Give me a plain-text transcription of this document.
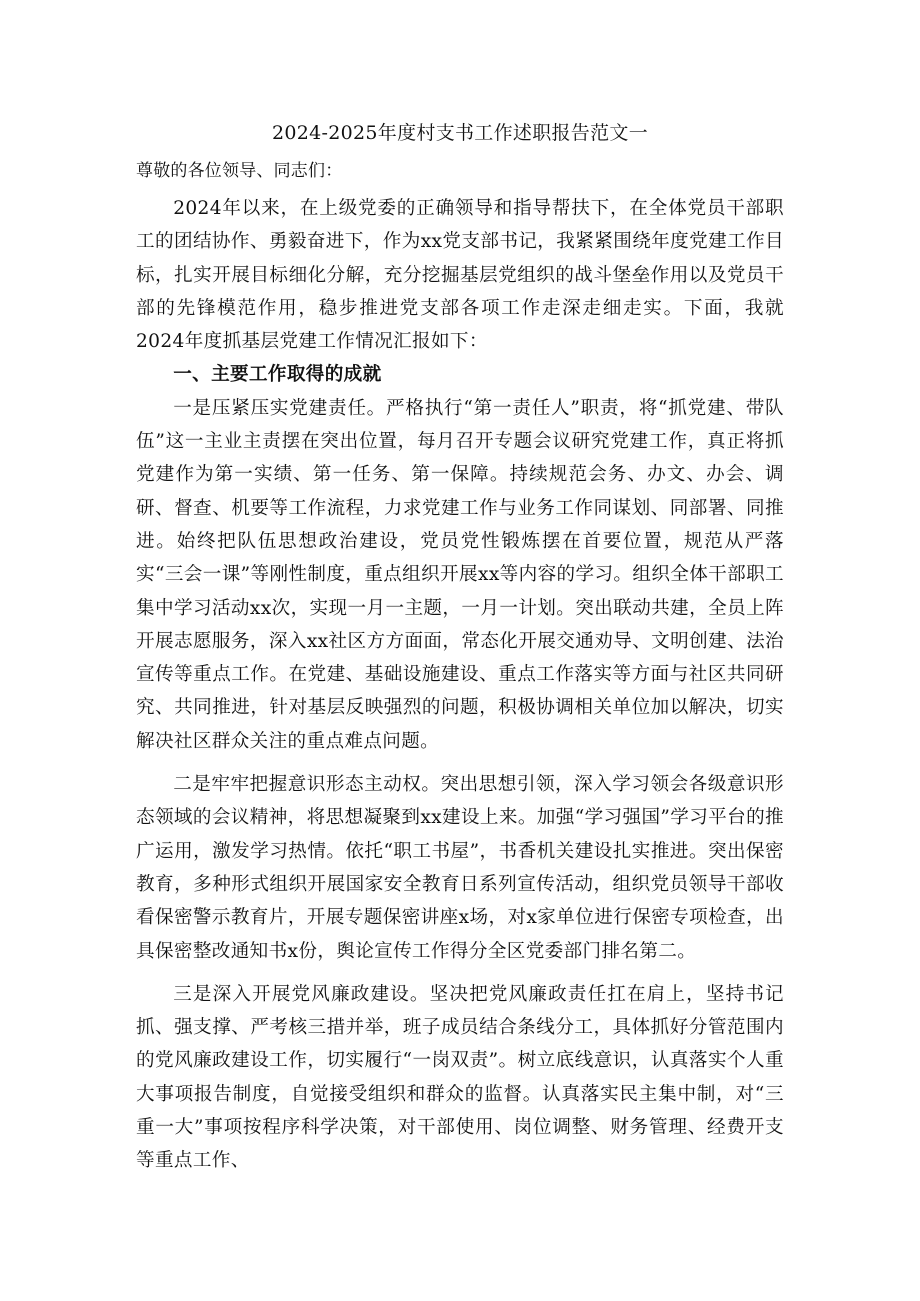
2024-2025年度村支书工作述职报告范文一

尊敬的各位领导、同志们：

2024年以来，在上级党委的正确领导和指导帮扶下，在全体党员干部职工的团结协作、勇毅奋进下，作为xx党支部书记，我紧紧围绕年度党建工作目标，扎实开展目标细化分解，充分挖掘基层党组织的战斗堡垒作用以及党员干部的先锋模范作用，稳步推进党支部各项工作走深走细走实。下面，我就2024年度抓基层党建工作情况汇报如下：

一、主要工作取得的成就

一是压紧压实党建责任。严格执行“第一责任人”职责，将“抓党建、带队伍”这一主业主责摆在突出位置，每月召开专题会议研究党建工作，真正将抓党建作为第一实绩、第一任务、第一保障。持续规范会务、办文、办会、调研、督查、机要等工作流程，力求党建工作与业务工作同谋划、同部署、同推进。始终把队伍思想政治建设，党员党性锻炼摆在首要位置，规范从严落实“三会一课”等刚性制度，重点组织开展xx等内容的学习。组织全体干部职工集中学习活动xx次，实现一月一主题，一月一计划。突出联动共建，全员上阵开展志愿服务，深入xx社区方方面面，常态化开展交通劝导、文明创建、法治宣传等重点工作。在党建、基础设施建设、重点工作落实等方面与社区共同研究、共同推进，针对基层反映强烈的问题，积极协调相关单位加以解决，切实解决社区群众关注的重点难点问题。

二是牢牢把握意识形态主动权。突出思想引领，深入学习领会各级意识形态领域的会议精神，将思想凝聚到xx建设上来。加强“学习强国”学习平台的推广运用，激发学习热情。依托“职工书屋”，书香机关建设扎实推进。突出保密教育，多种形式组织开展国家安全教育日系列宣传活动，组织党员领导干部收看保密警示教育片，开展专题保密讲座x场，对x家单位进行保密专项检查，出具保密整改通知书x份，舆论宣传工作得分全区党委部门排名第二。

三是深入开展党风廉政建设。坚决把党风廉政责任扛在肩上，坚持书记抓、强支撑、严考核三措并举，班子成员结合条线分工，具体抓好分管范围内的党风廉政建设工作，切实履行“一岗双责”。树立底线意识，认真落实个人重大事项报告制度，自觉接受组织和群众的监督。认真落实民主集中制，对“三重一大”事项按程序科学决策，对干部使用、岗位调整、财务管理、经费开支等重点工作、
